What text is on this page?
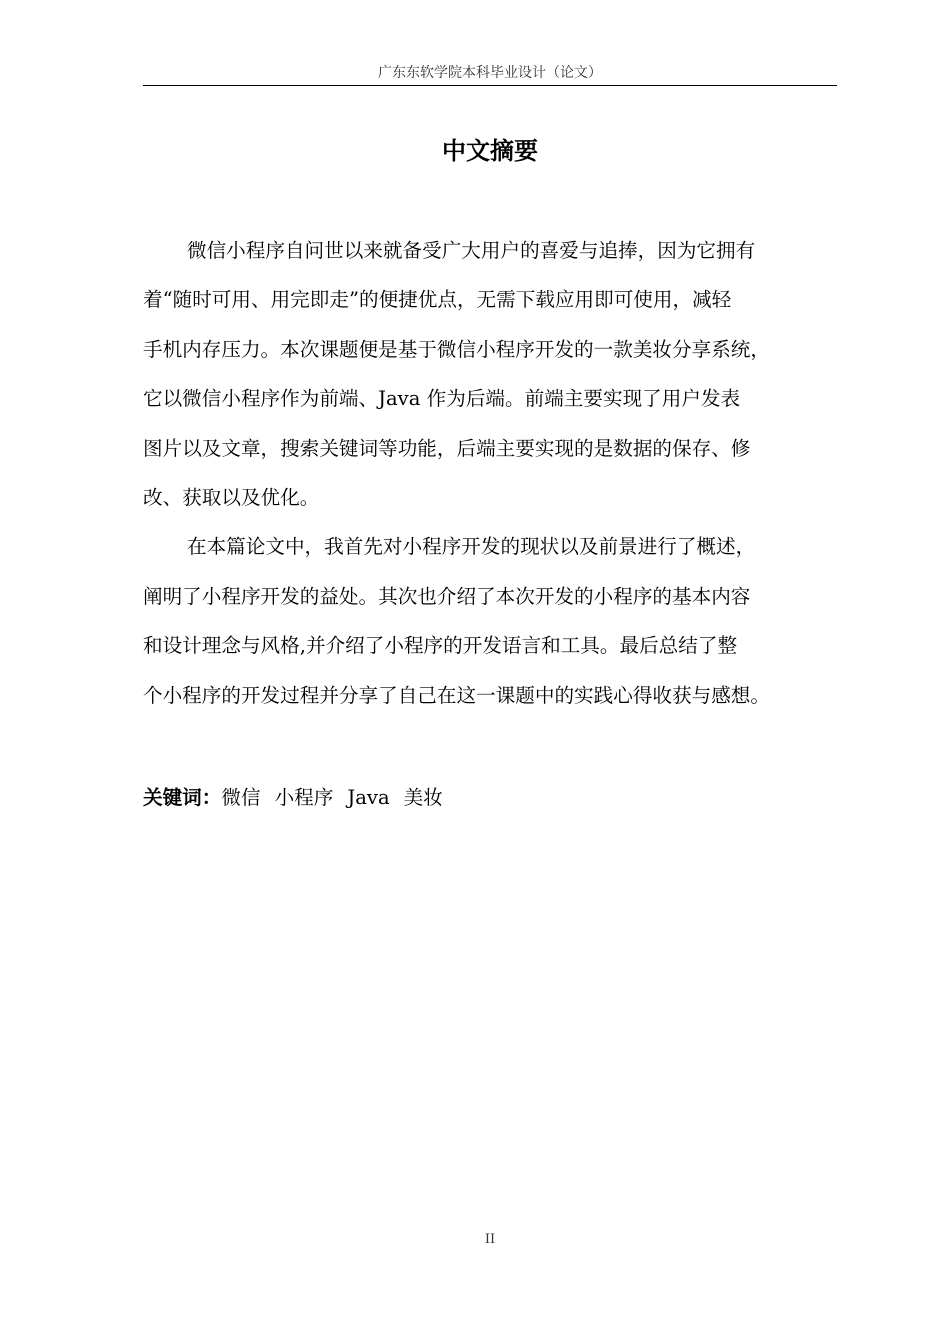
广东东软学院本科毕业设计（论文）
中文摘要
微信小程序自问世以来就备受广大用户的喜爱与追捧，因为它拥有
着“随时可用、用完即走”的便捷优点，无需下载应用即可使用，减轻
手机内存压力。本次课题便是基于微信小程序开发的一款美妆分享系统，
它以微信小程序作为前端、Java 作为后端。前端主要实现了用户发表
图片以及文章，搜索关键词等功能，后端主要实现的是数据的保存、修
改、获取以及优化。
在本篇论文中，我首先对小程序开发的现状以及前景进行了概述，
阐明了小程序开发的益处。其次也介绍了本次开发的小程序的基本内容
和设计理念与风格,并介绍了小程序的开发语言和工具。最后总结了整
个小程序的开发过程并分享了自己在这一课题中的实践心得收获与感想。
关键词：微信 小程序 Java 美妆
II
